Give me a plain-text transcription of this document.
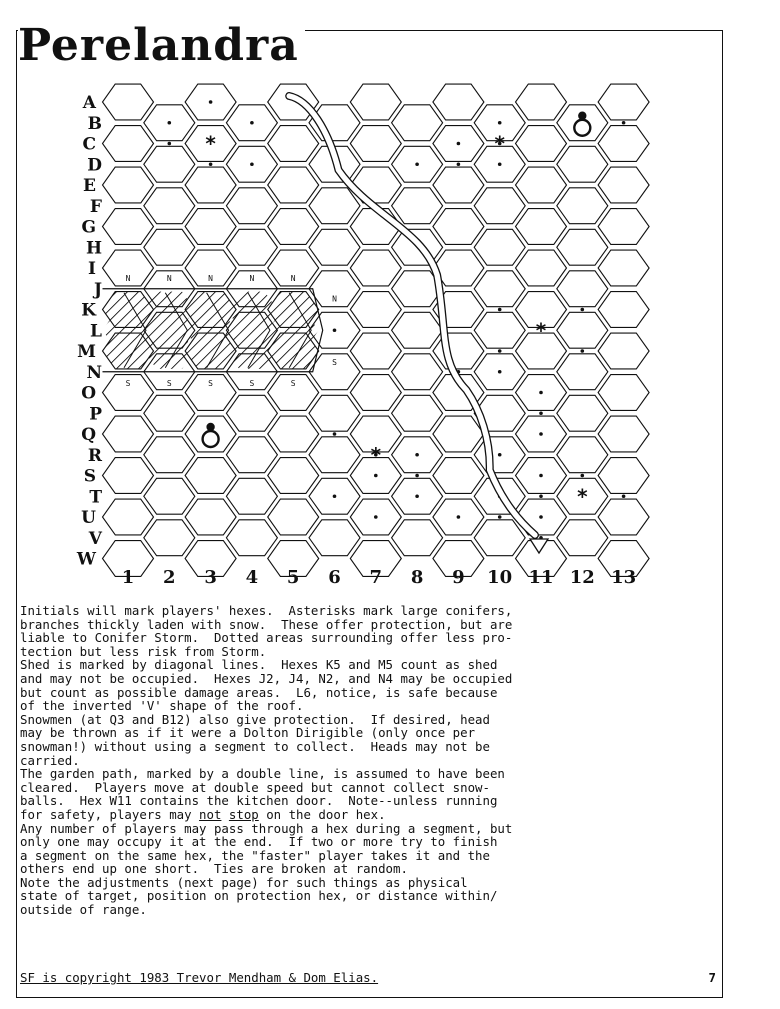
Perelandra
*	*
*
*
*
N	N	N	N	N
N
S
S	S	S	S	S
A
B
C
D
E
F
G
H
I
J
K
L
M
N
O
P
Q
R
S
T
U
V
W
1 2 3 4 5 6 7 8 9 10 11 12 13
Initials will mark players' hexes.  Asterisks mark large conifers,
branches thickly laden with snow.  These offer protection, but are
liable to Conifer Storm.  Dotted areas surrounding offer less pro-
tection but less risk from Storm.
Shed is marked by diagonal lines.  Hexes K5 and M5 count as shed
and may not be occupied.  Hexes J2, J4, N2, and N4 may be occupied
but count as possible damage areas.  L6, notice, is safe because
of the inverted 'V' shape of the roof.
Snowmen (at Q3 and B12) also give protection.  If desired, head
may be thrown as if it were a Dolton Dirigible (only once per
snowman!) without using a segment to collect.  Heads may not be
carried.
The garden path, marked by a double line, is assumed to have been
cleared.  Players move at double speed but cannot collect snow-
balls.  Hex W11 contains the kitchen door.  Note--unless running
for safety, players may not stop on the door hex.
Any number of players may pass through a hex during a segment, but
only one may occupy it at the end.  If two or more try to finish
a segment on the same hex, the "faster" player takes it and the
others end up one short.  Ties are broken at random.
Note the adjustments (next page) for such things as physical
state of target, position on protection hex, or distance within/
outside of range.
SF is copyright 1983 Trevor Mendham & Dom Elias.	7
